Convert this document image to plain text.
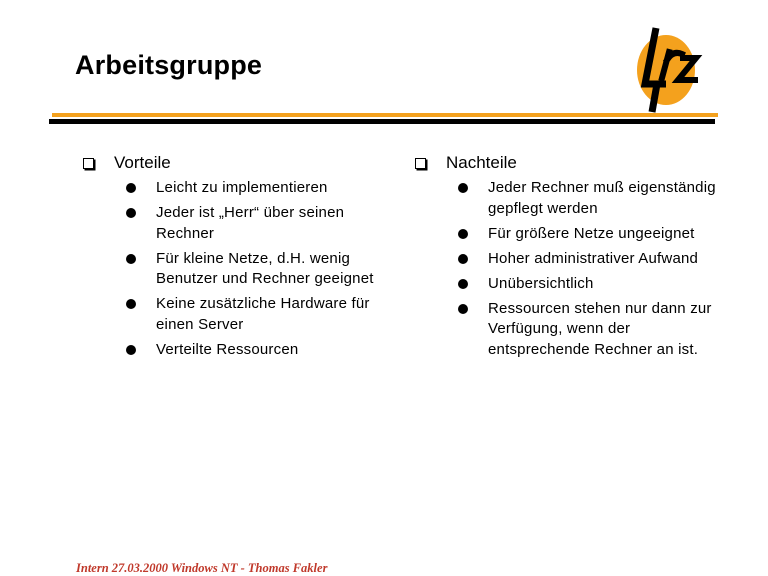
Arbeitsgruppe
Vorteile
Leicht zu implementieren
Jeder ist „Herr“ über seinen Rechner
Für kleine Netze, d.H. wenig Benutzer und Rechner geeignet
Keine zusätzliche Hardware für einen Server
Verteilte Ressourcen
Nachteile
Jeder Rechner muß eigenständig gepflegt werden
Für größere Netze ungeeignet
Hoher administrativer Aufwand
Unübersichtlich
Ressourcen stehen nur dann zur Verfügung, wenn der entsprechende Rechner an ist.
Intern 27.03.2000 Windows NT - Thomas Fakler
